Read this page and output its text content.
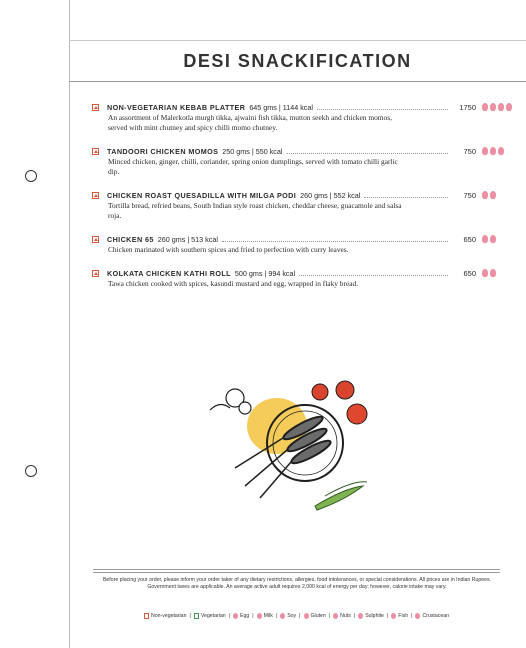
DESI SNACKIFICATION
NON-VEGETARIAN KEBAB PLATTER 645 gms | 1144 kcal	1750

An assortment of Malerkotla murgh tikka, ajwaini fish tikka, mutton seekh and chicken momos, served with mint chutney and spicy chilli momo chutney.

TANDOORI CHICKEN MOMOS 250 gms | 550 kcal	750

Minced chicken, ginger, chilli, coriander, spring onion dumplings, served with tomato chilli garlic dip.

CHICKEN ROAST QUESADILLA WITH MILGA PODI 260 gms | 552 kcal	750

Tortilla bread, refried beans, South Indian style roast chicken, cheddar cheese, guacamole and salsa roja.

CHICKEN 65 260 gms | 513 kcal	650

Chicken marinated with southern spices and fried to perfection with curry leaves.

KOLKATA CHICKEN KATHI ROLL 500 gms | 994 kcal	650

Tawa chicken cooked with spices, kasundi mustard and egg, wrapped in flaky bread.

Before placing your order, please inform your order taker of any dietary restrictions, allergies, food intolerances, or special considerations. All prices are in Indian Rupees. Government taxes are applicable. An average active adult requires 2,000 kcal of energy per day; however, calorie intake may vary.

Non-vegetarian | Vegetarian | Egg | Milk | Soy | Gluten | Nuts | Sulphite | Fish | Crustacean
